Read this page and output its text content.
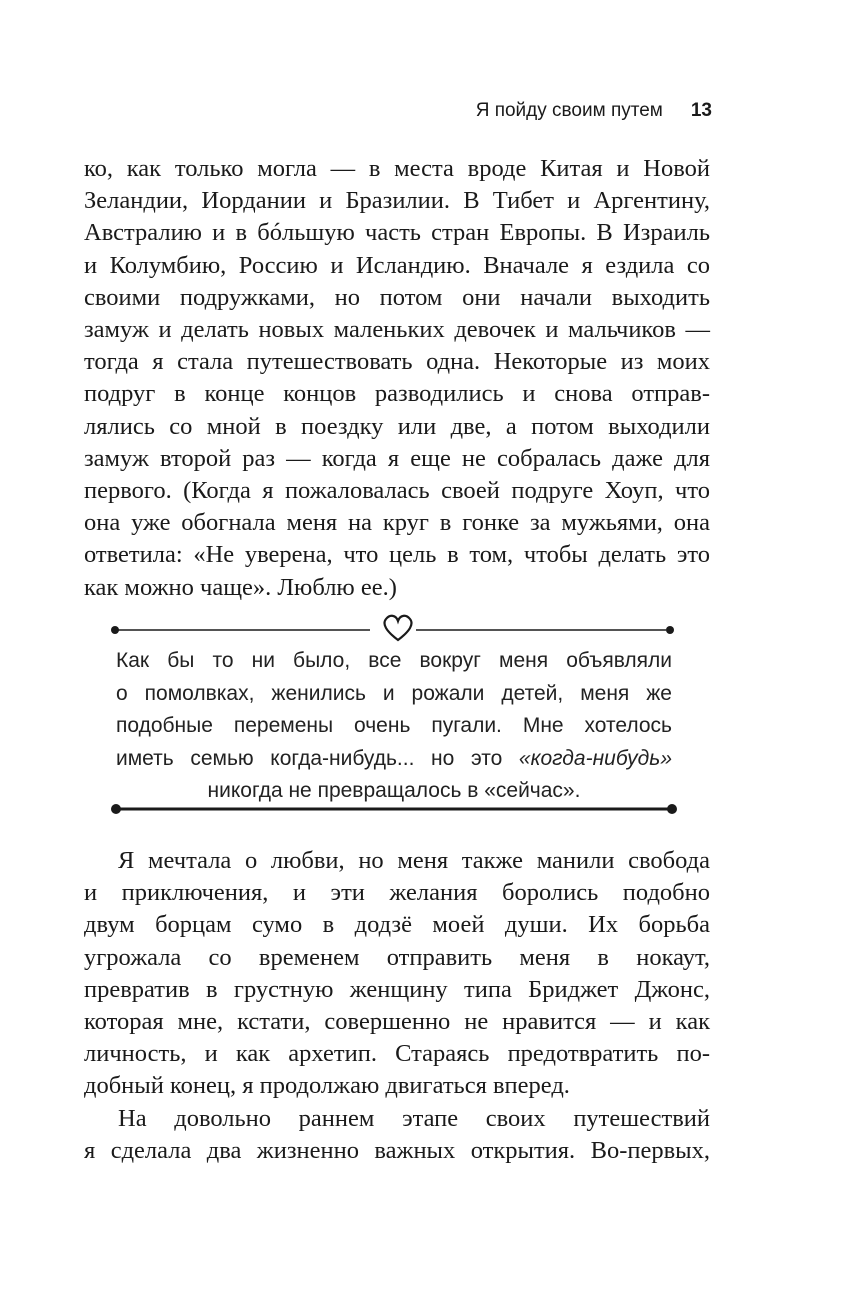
Я пойду своим путем 13
ко, как только могла — в места вроде Китая и Новой
Зеландии, Иордании и Бразилии. В Тибет и Аргентину,
Австралию и в бóльшую часть стран Европы. В Израиль
и Колумбию, Россию и Исландию. Вначале я ездила со
своими подружками, но потом они начали выходить
замуж и делать новых маленьких девочек и мальчиков —
тогда я стала путешествовать одна. Некоторые из моих
подруг в конце концов разводились и снова отправ-
лялись со мной в поездку или две, а потом выходили
замуж второй раз — когда я еще не собралась даже для
первого. (Когда я пожаловалась своей подруге Хоуп, что
она уже обогнала меня на круг в гонке за мужьями, она
ответила: «Не уверена, что цель в том, чтобы делать это
как можно чаще». Люблю ее.)
Как бы то ни было, все вокруг меня объявляли
о помолвках, женились и рожали детей, меня же
подобные перемены очень пугали. Мне хотелось
иметь семью когда-нибудь... но это «когда-нибудь»
никогда не превращалось в «сейчас».
Я мечтала о любви, но меня также манили свобода
и приключения, и эти желания боролись подобно
двум борцам сумо в додзё моей души. Их борьба
угрожала со временем отправить меня в нокаут,
превратив в грустную женщину типа Бриджет Джонс,
которая мне, кстати, совершенно не нравится — и как
личность, и как архетип. Стараясь предотвратить по-
добный конец, я продолжаю двигаться вперед.
На довольно раннем этапе своих путешествий
я сделала два жизненно важных открытия. Во-первых,
